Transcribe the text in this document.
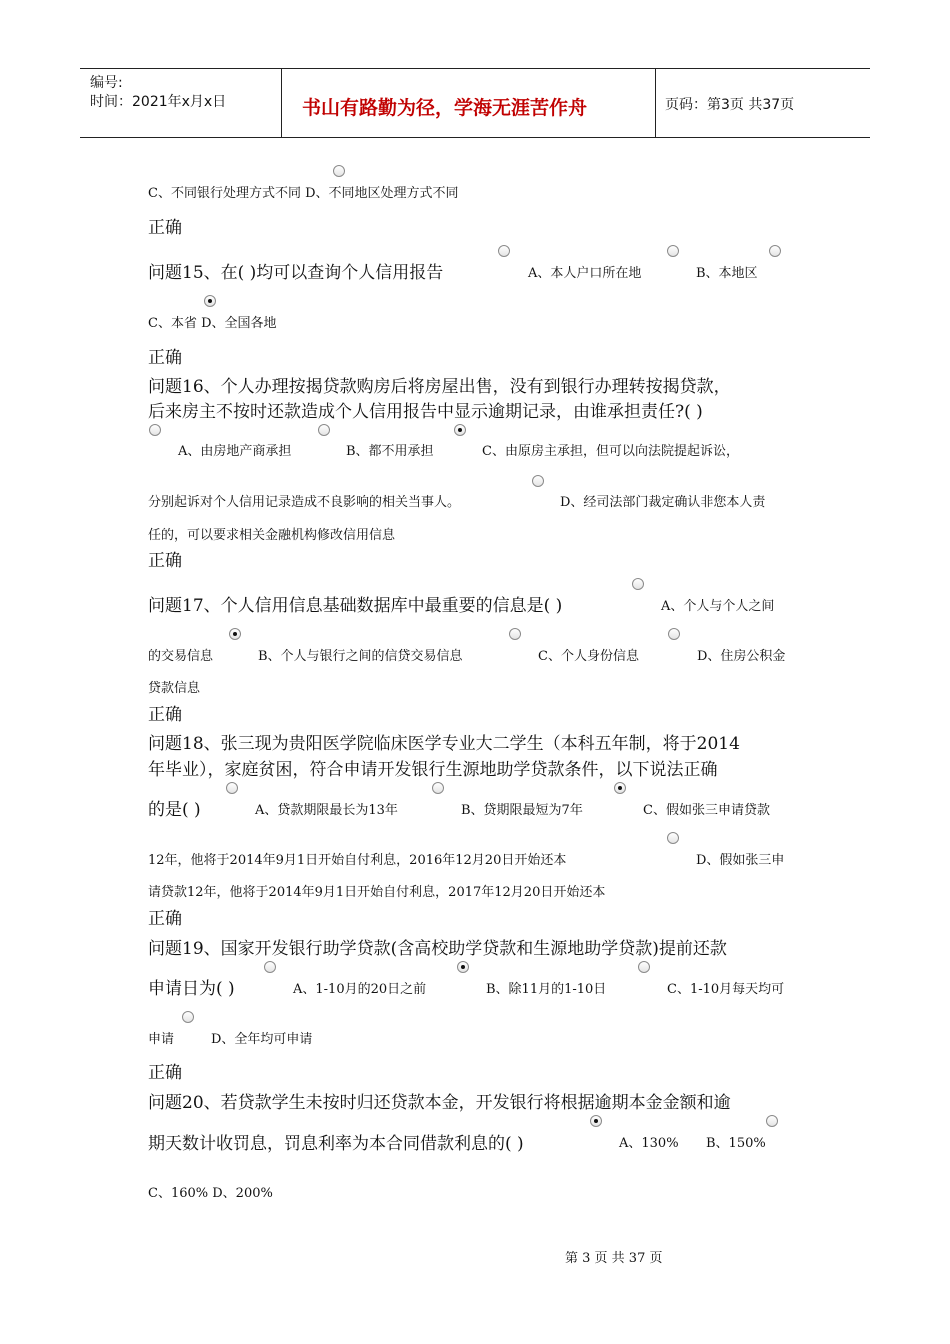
编号:
时间：2021年x月x日	书山有路勤为径，学海无涯苦作舟	页码：第3页 共37页
C、不同银行处理方式不同 D、不同地区处理方式不同
正确
问题15、在( )均可以查询个人信用报告	A、本人户口所在地	B、本地区
C、本省 D、全国各地
正确
问题16、个人办理按揭贷款购房后将房屋出售，没有到银行办理转按揭贷款，
后来房主不按时还款造成个人信用报告中显示逾期记录，由谁承担责任?( )
A、由房地产商承担	B、都不用承担	C、由原房主承担，但可以向法院提起诉讼，
分别起诉对个人信用记录造成不良影响的相关当事人。	D、经司法部门裁定确认非您本人责
任的，可以要求相关金融机构修改信用信息
正确
问题17、个人信用信息基础数据库中最重要的信息是( )	A、个人与个人之间
的交易信息	B、个人与银行之间的信贷交易信息	C、个人身份信息	D、住房公积金
贷款信息
正确
问题18、张三现为贵阳医学院临床医学专业大二学生（本科五年制，将于2014
年毕业），家庭贫困，符合申请开发银行生源地助学贷款条件，以下说法正确
的是( )	A、贷款期限最长为13年	B、贷期限最短为7年	C、假如张三申请贷款
12年，他将于2014年9月1日开始自付利息，2016年12月20日开始还本	D、假如张三申
请贷款12年，他将于2014年9月1日开始自付利息，2017年12月20日开始还本
正确
问题19、国家开发银行助学贷款(含高校助学贷款和生源地助学贷款)提前还款
申请日为( )	A、1-10月的20日之前	B、除11月的1-10日	C、1-10月每天均可
申请	D、全年均可申请
正确
问题20、若贷款学生未按时归还贷款本金，开发银行将根据逾期本金金额和逾
期天数计收罚息，罚息利率为本合同借款利息的( )	A、130% B、150%
C、160% D、200%
第 3 页 共 37 页
